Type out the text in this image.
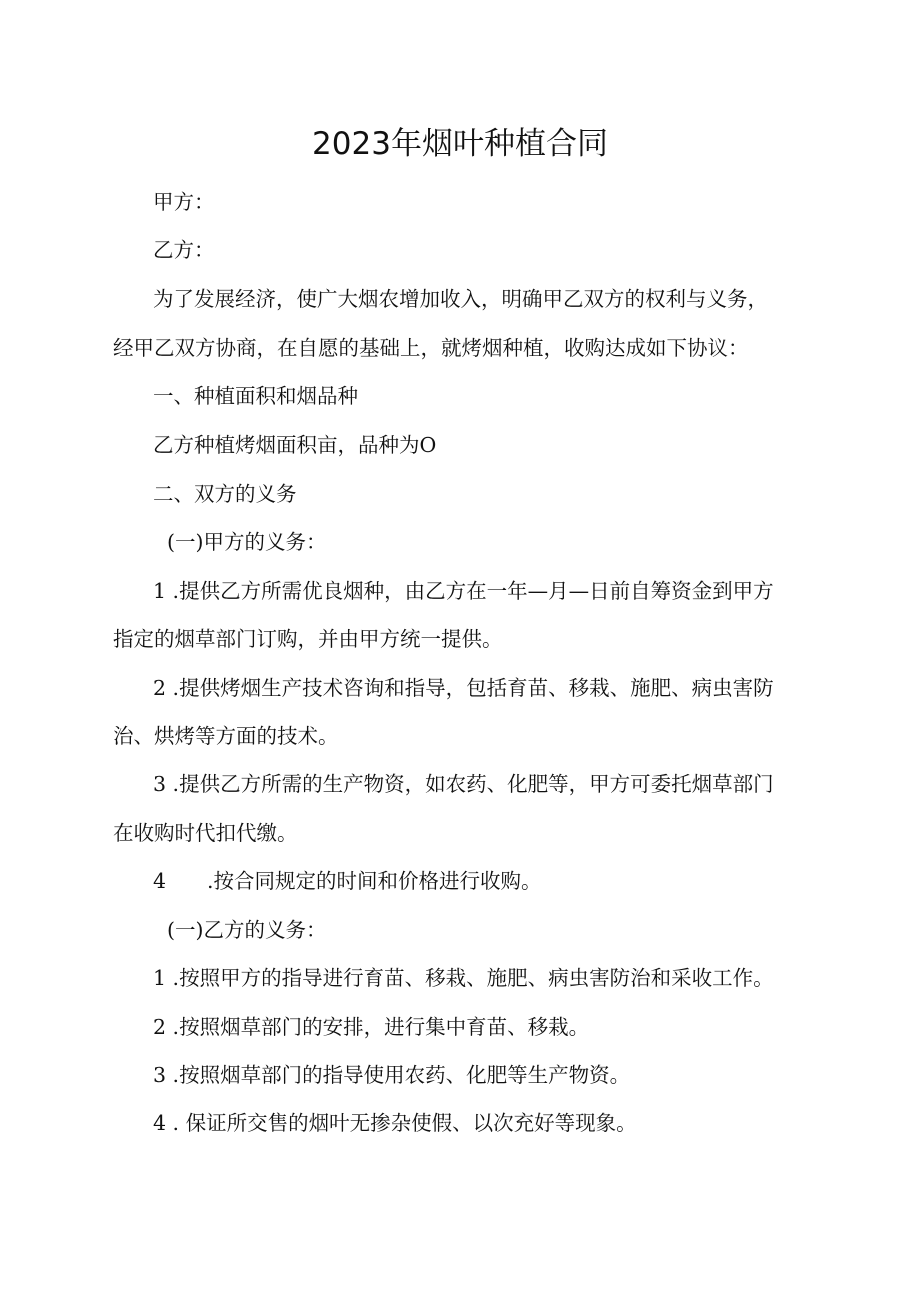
2023年烟叶种植合同
甲方：
乙方：
为了发展经济，使广大烟农增加收入，明确甲乙双方的权利与义务，
经甲乙双方协商，在自愿的基础上，就烤烟种植，收购达成如下协议：
一、种植面积和烟品种
乙方种植烤烟面积亩，品种为O
二、双方的义务
(一)甲方的义务：
1 .提供乙方所需优良烟种，由乙方在一年—月—日前自筹资金到甲方
指定的烟草部门订购，并由甲方统一提供。
2 .提供烤烟生产技术咨询和指导，包括育苗、移栽、施肥、病虫害防
治、烘烤等方面的技术。
3 .提供乙方所需的生产物资，如农药、化肥等，甲方可委托烟草部门
在收购时代扣代缴。
4　　.按合同规定的时间和价格进行收购。
(一)乙方的义务：
1 .按照甲方的指导进行育苗、移栽、施肥、病虫害防治和采收工作。
2 .按照烟草部门的安排，进行集中育苗、移栽。
3 .按照烟草部门的指导使用农药、化肥等生产物资。
4 . 保证所交售的烟叶无掺杂使假、以次充好等现象。
